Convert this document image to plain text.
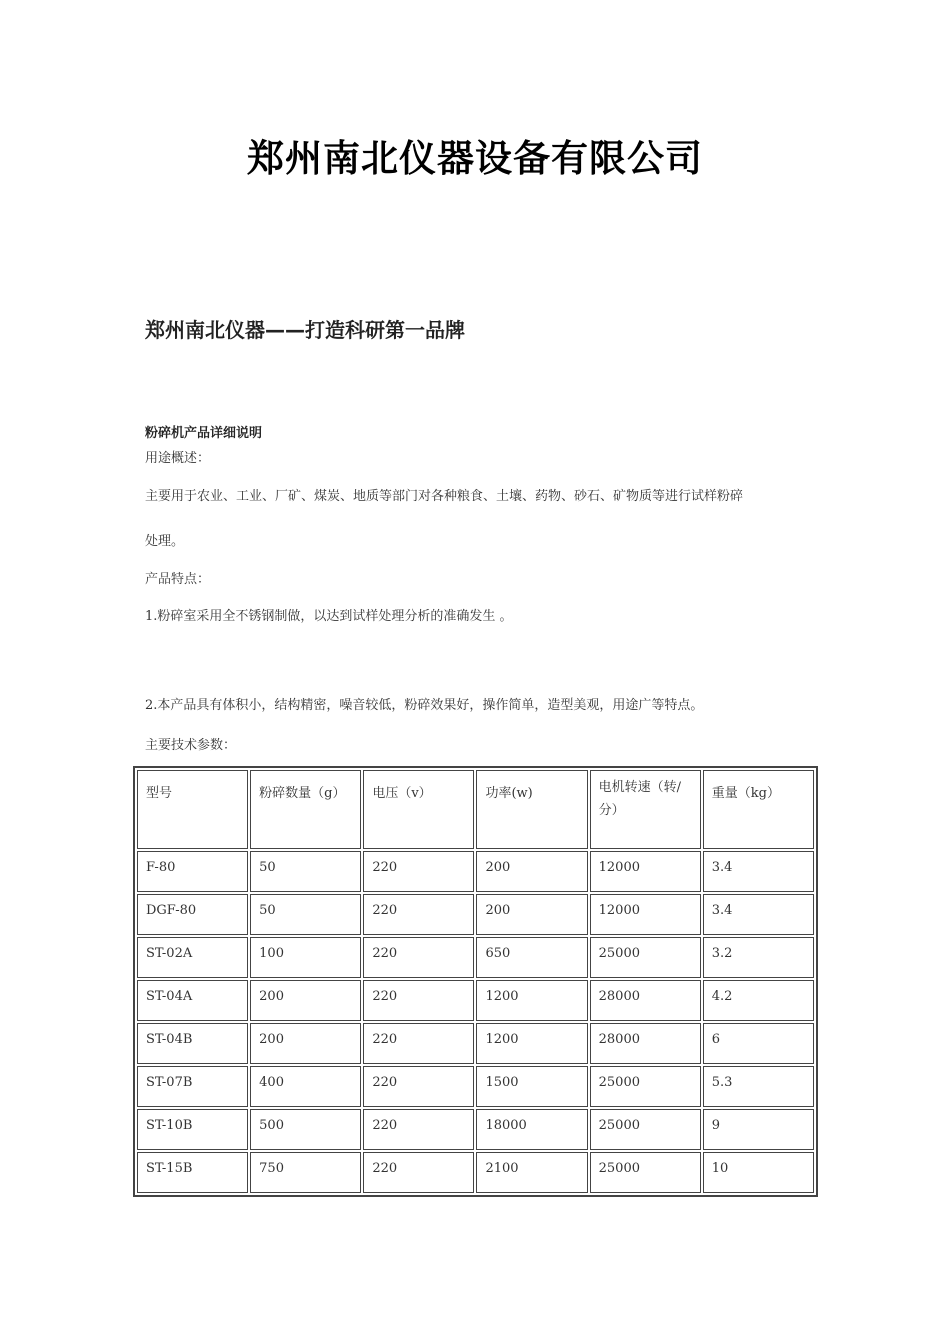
郑州南北仪器设备有限公司
郑州南北仪器——打造科研第一品牌
粉碎机产品详细说明

用途概述：

主要用于农业、工业、厂矿、煤炭、地质等部门对各种粮食、土壤、药物、砂石、矿物质等进行试样粉碎

处理。

产品特点：

1.粉碎室采用全不锈钢制做，以达到试样处理分析的准确发生 。

2.本产品具有体积小，结构精密，噪音较低，粉碎效果好，操作简单，造型美观，用途广等特点。

主要技术参数：

型号	粉碎数量（g）	电压（v）	功率(w)	电机转速（转/分）	重量（kg）
F-80	50	220	200	12000	3.4
DGF-80	50	220	200	12000	3.4
ST-02A	100	220	650	25000	3.2
ST-04A	200	220	1200	28000	4.2
ST-04B	200	220	1200	28000	6
ST-07B	400	220	1500	25000	5.3
ST-10B	500	220	18000	25000	9
ST-15B	750	220	2100	25000	10
